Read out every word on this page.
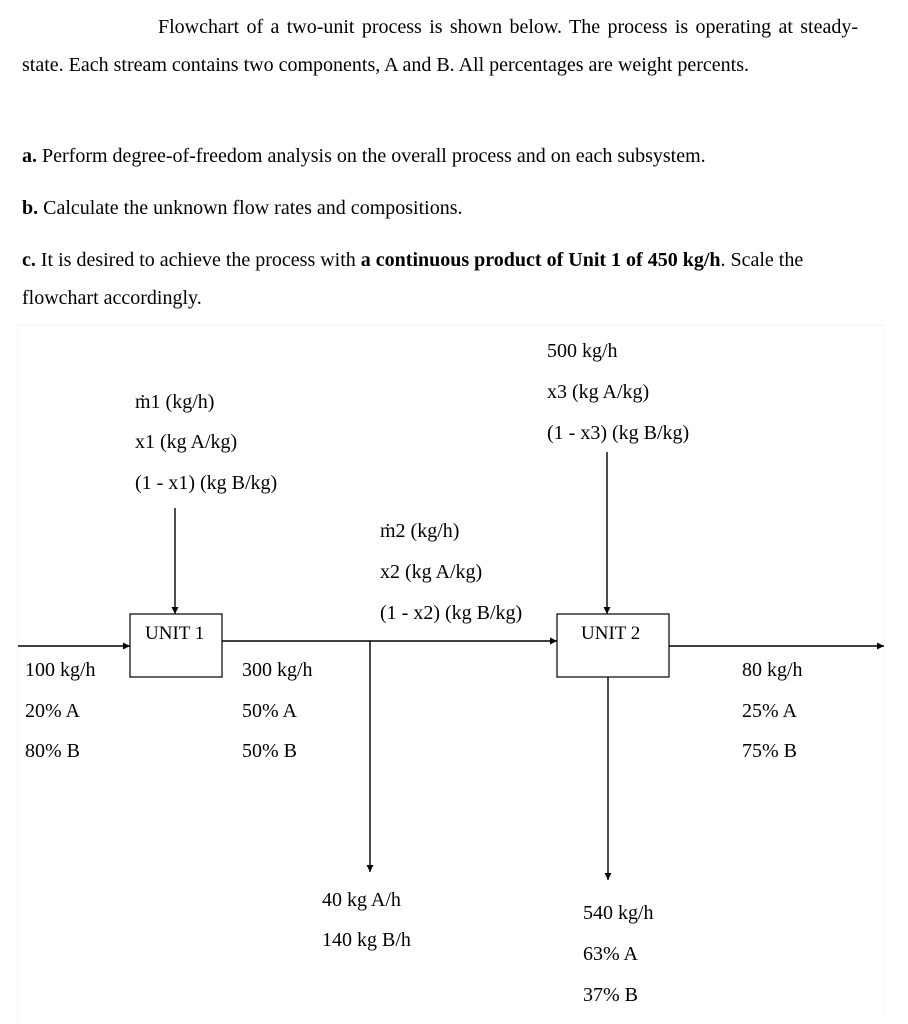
Flowchart of a two-unit process is shown below. The process is operating at steady-state. Each stream contains two components, A and B. All percentages are weight percents.

a. Perform degree-of-freedom analysis on the overall process and on each subsystem.

b. Calculate the unknown flow rates and compositions.

c. It is desired to achieve the process with a continuous product of Unit 1 of 450 kg/h. Scale the flowchart accordingly.

UNIT 1	UNIT 2
ṁ1 (kg/h)
x1 (kg A/kg)
(1 - x1) (kg B/kg)
ṁ2 (kg/h)
x2 (kg A/kg)
(1 - x2) (kg B/kg)
500 kg/h
x3 (kg A/kg)
(1 - x3) (kg B/kg)
100 kg/h
20% A
80% B
300 kg/h
50% A
50% B
80 kg/h
25% A
75% B
40 kg A/h
140 kg B/h
540 kg/h
63% A
37% B
